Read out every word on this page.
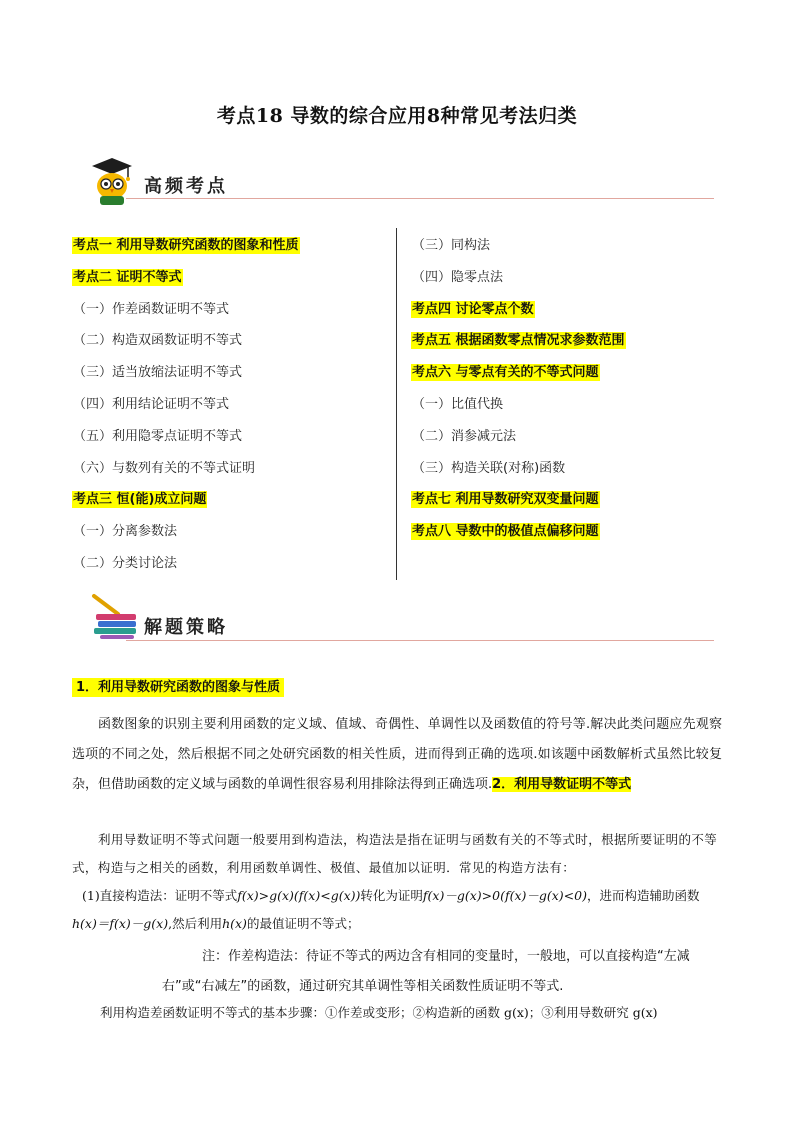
考点18 导数的综合应用8种常见考法归类
高频考点
考点一 利用导数研究函数的图象和性质
考点二 证明不等式
（一）作差函数证明不等式
（二）构造双函数证明不等式
（三）适当放缩法证明不等式
（四）利用结论证明不等式
（五）利用隐零点证明不等式
（六）与数列有关的不等式证明
考点三 恒(能)成立问题
（一）分离参数法
（二）分类讨论法
（三）同构法
（四）隐零点法
考点四 讨论零点个数
考点五 根据函数零点情况求参数范围
考点六 与零点有关的不等式问题
（一）比值代换
（二）消参减元法
（三）构造关联(对称)函数
考点七 利用导数研究双变量问题
考点八 导数中的极值点偏移问题
解题策略
1．利用导数研究函数的图象与性质
函数图象的识别主要利用函数的定义域、值域、奇偶性、单调性以及函数值的符号等.解决此类问题应先观察选项的不同之处，然后根据不同之处研究函数的相关性质，进而得到正确的选项.如该题中函数解析式虽然比较复杂，但借助函数的定义域与函数的单调性很容易利用排除法得到正确选项.2．利用导数证明不等式
利用导数证明不等式问题一般要用到构造法，构造法是指在证明与函数有关的不等式时，根据所要证明的不等式，构造与之相关的函数，利用函数单调性、极值、最值加以证明．常见的构造方法有：
(1)直接构造法：证明不等式f(x)>g(x)(f(x)<g(x))转化为证明f(x)－g(x)>0(f(x)－g(x)<0)，进而构造辅助函数h(x)＝f(x)－g(x),然后利用h(x)的最值证明不等式；
注：作差构造法：待证不等式的两边含有相同的变量时，一般地，可以直接构造“左减右”或“右减左”的函数，通过研究其单调性等相关函数性质证明不等式.
利用构造差函数证明不等式的基本步骤：①作差或变形；②构造新的函数 g(x)；③利用导数研究 g(x)
